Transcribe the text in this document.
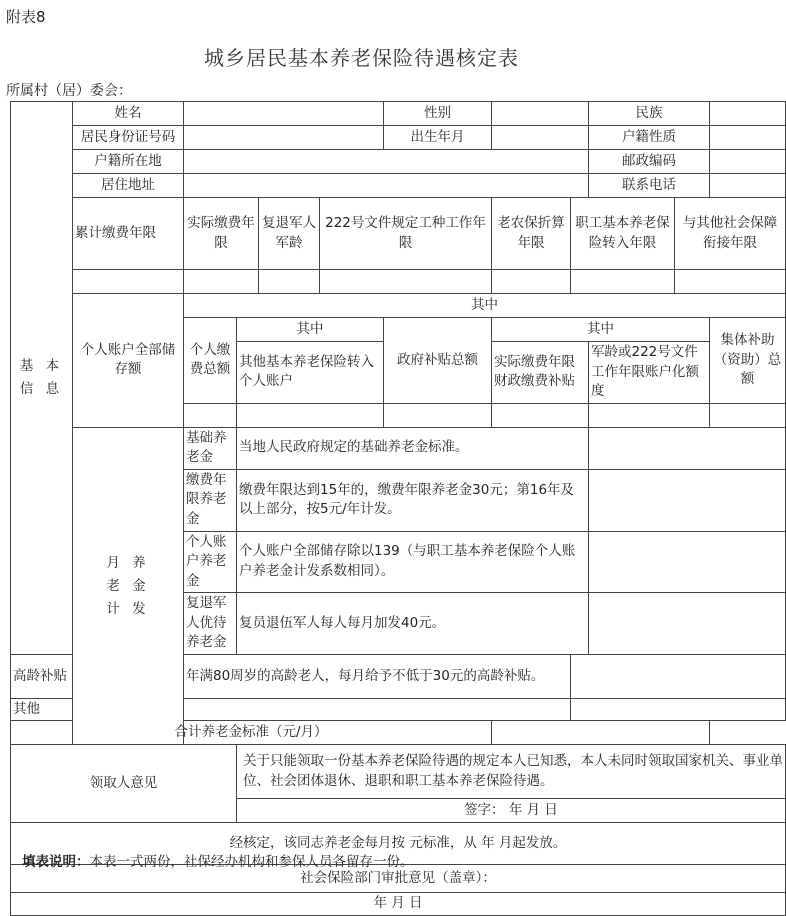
附表8
城乡居民基本养老保险待遇核定表
所属村（居）委会：
基 本
信 息	姓名					性别			民族		
	居民身份证号码					出生年月			户籍性质		
	户籍所在地								邮政编码		
	居住地址								联系电话		
	累计缴费年限	实际缴费年限		复退军人军龄	222号文件规定工种工作年限		老农保折算年限	职工基本养老保险转入年限		与其他社会保障衔接年限	

	个人账户全部储存额	其中									
		个人缴费总额	其中			政府补贴总额	其中				集体补助（资助）总额
			其他基本养老保险转入个人账户				实际缴费年限财政缴费补贴		军龄或222号文件工作年限账户化额度		

	月 养
老 金
计 发	基础养老金	当地人民政府规定的基础养老金标准。								
		缴费年限养老金	缴费年限达到15年的，缴费年限养老金30元；第16年及以上部分，按5元/年计发。								
		个人账户养老金	个人账户全部储存除以139（与职工基本养老保险个人账户养老金计发系数相同）。								
		复退军人优待养老金	复员退伍军人每人每月加发40元。								
高龄补贴		年满80周岁的高龄老人，每月给予不低于30元的高龄补贴。									
其他											
合计养老金标准（元/月）											
领取人意见			关于只能领取一份基本养老保险待遇的规定本人已知悉，本人未同时领取国家机关、事业单位、社会团体退休、退职和职工基本养老保险待遇。								
			签字： 年 月 日								
经核定，该同志养老金每月按 元标准，从 年 月起发放。											
社会保险部门审批意见（盖章）：											
年 月 日											
填表说明：本表一式两份，社保经办机构和参保人员各留存一份。
